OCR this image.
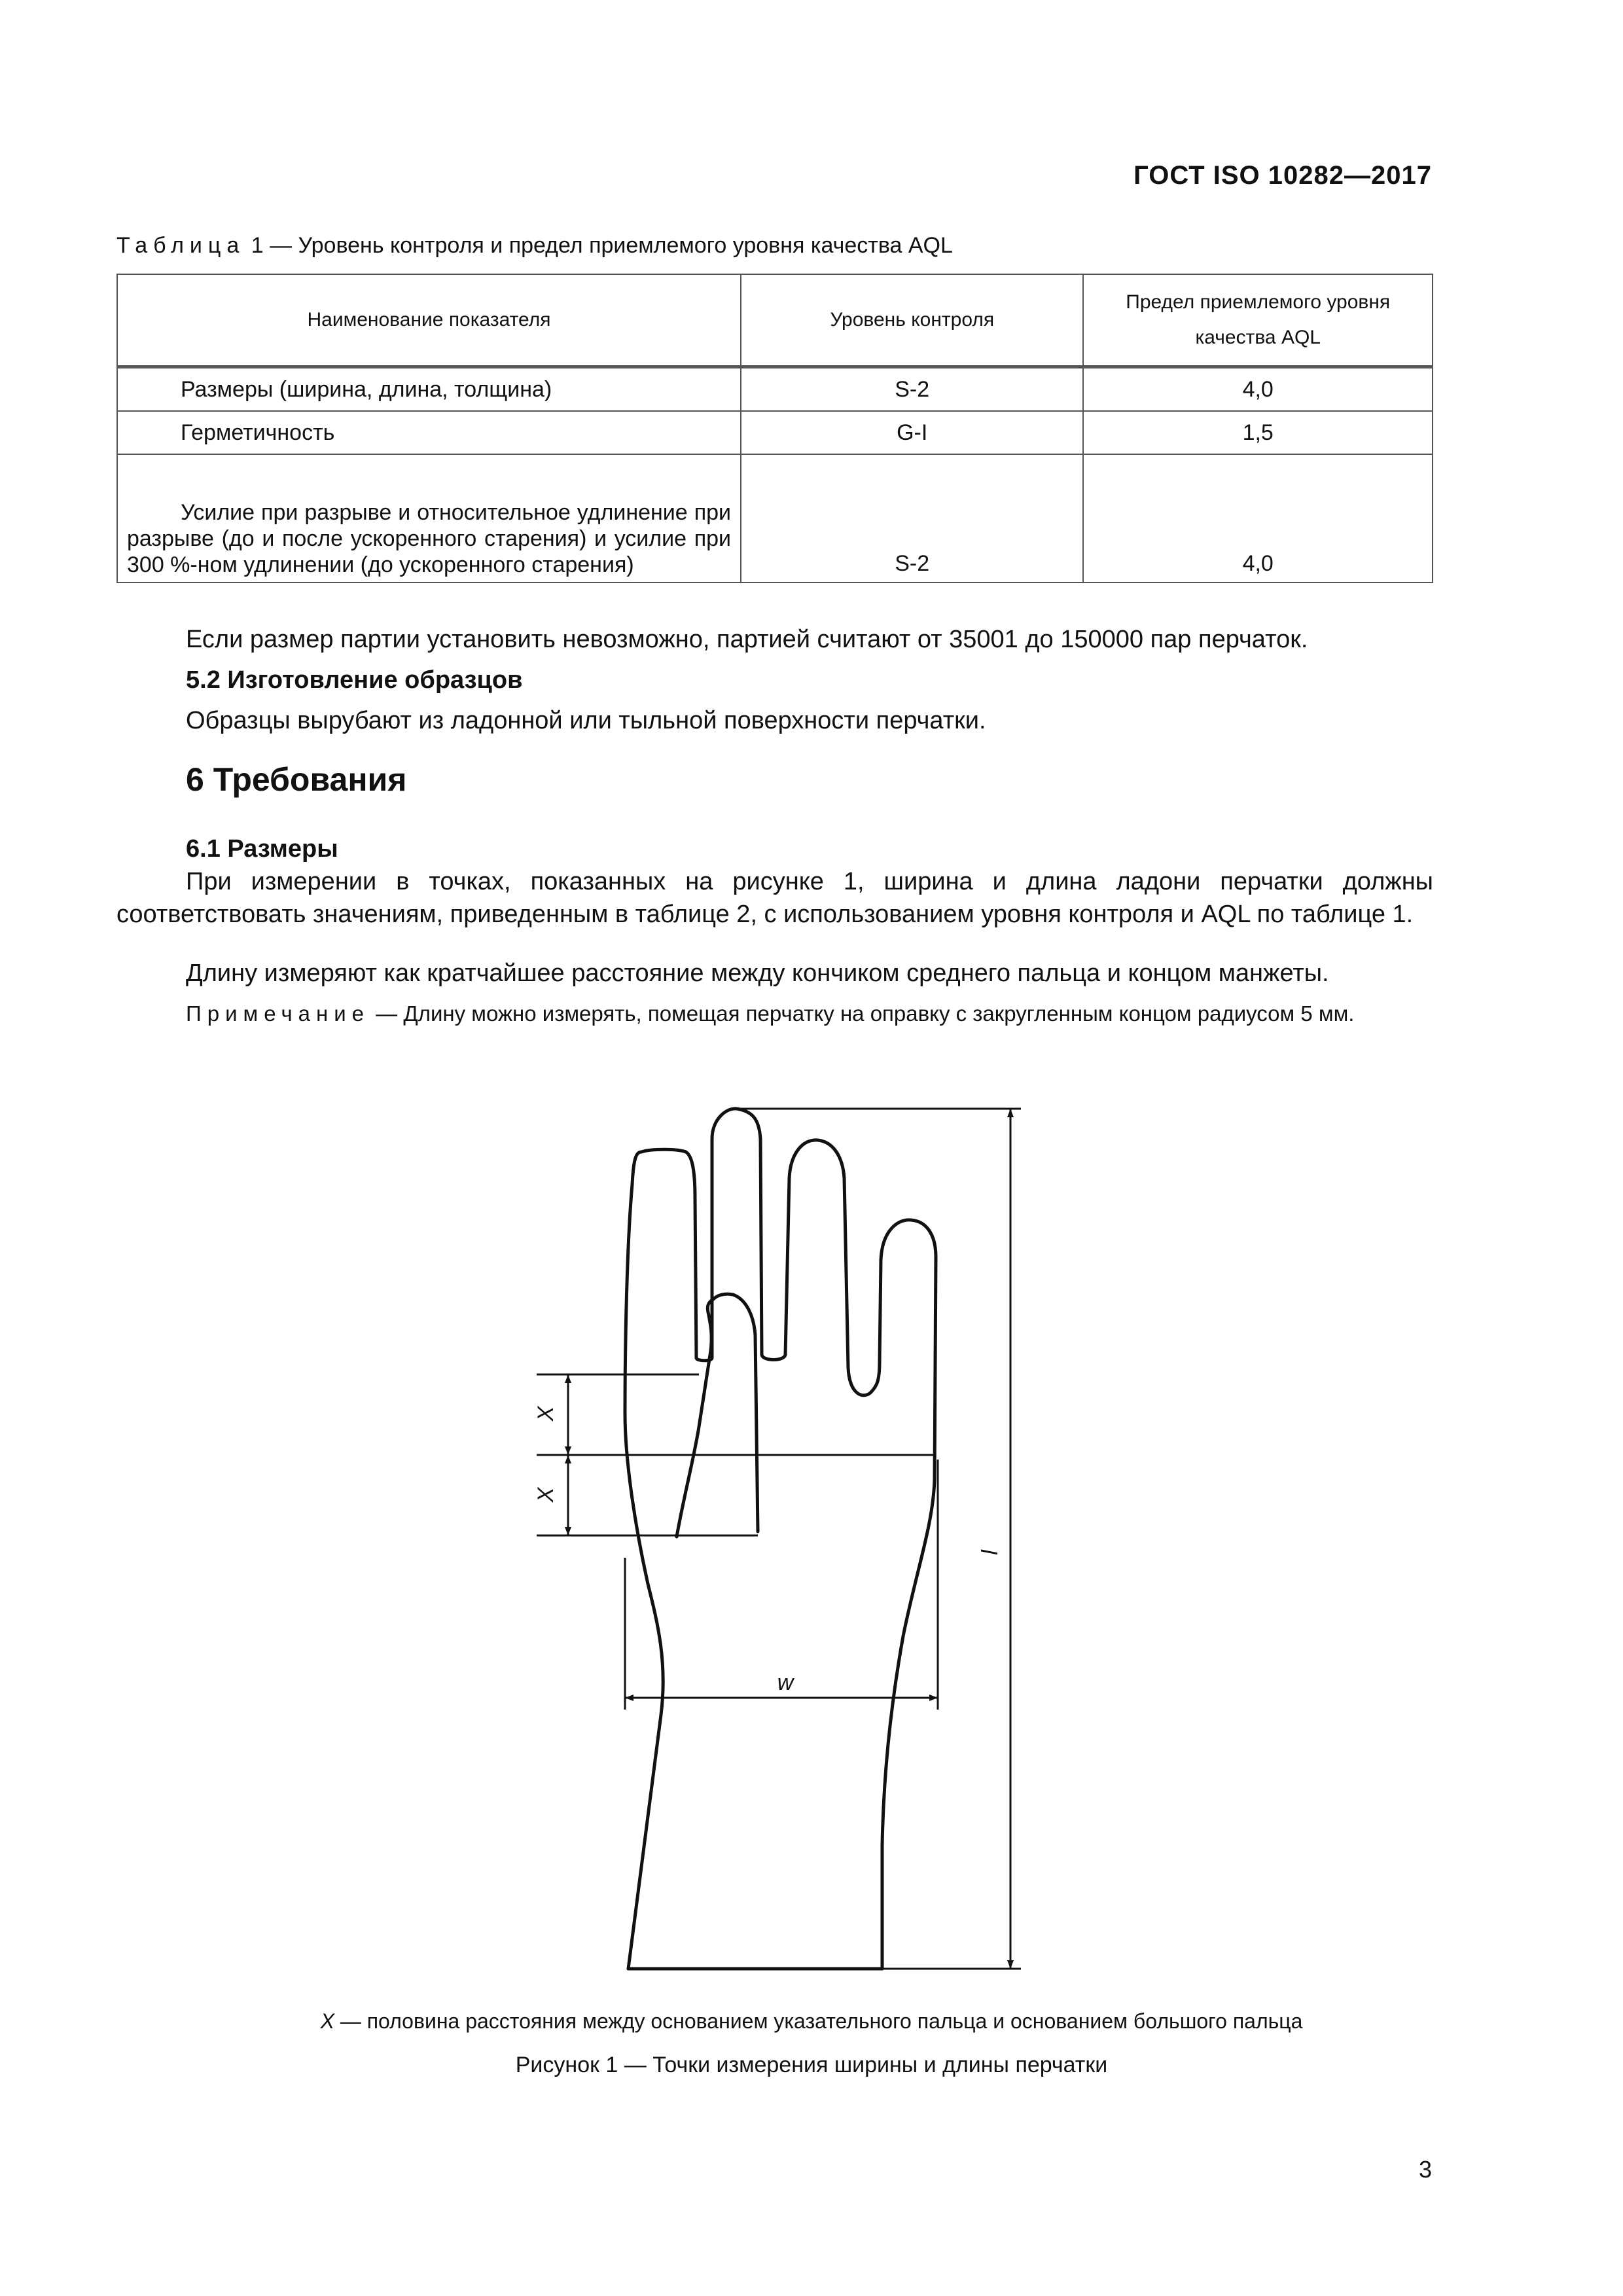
ГОСТ ISO 10282—2017
Таблица 1 — Уровень контроля и предел приемлемого уровня качества AQL
Наименование показателя	Уровень контроля	Предел приемлемого уровня качества AQL
Размеры (ширина, длина, толщина)	S-2	4,0
Герметичность	G-I	1,5
Усилие при разрыве и относительное удлинение при разрыве (до и после ускоренного старения) и усилие при 300 %-ном удлинении (до ускоренного старения)	S-2	4,0
Если размер партии установить невозможно, партией считают от 35001 до 150000 пар перчаток.
5.2 Изготовление образцов
Образцы вырубают из ладонной или тыльной поверхности перчатки.
6 Требования
6.1 Размеры
При измерении в точках, показанных на рисунке 1, ширина и длина ладони перчатки должны соответствовать значениям, приведенным в таблице 2, с использованием уровня контроля и AQL по таблице 1.
Длину измеряют как кратчайшее расстояние между кончиком среднего пальца и концом манжеты.
Примечание — Длину можно измерять, помещая перчатку на оправку с закругленным концом радиусом 5 мм.
X
X
w
l
X — половина расстояния между основанием указательного пальца и основанием большого пальца
Рисунок 1 — Точки измерения ширины и длины перчатки
3
